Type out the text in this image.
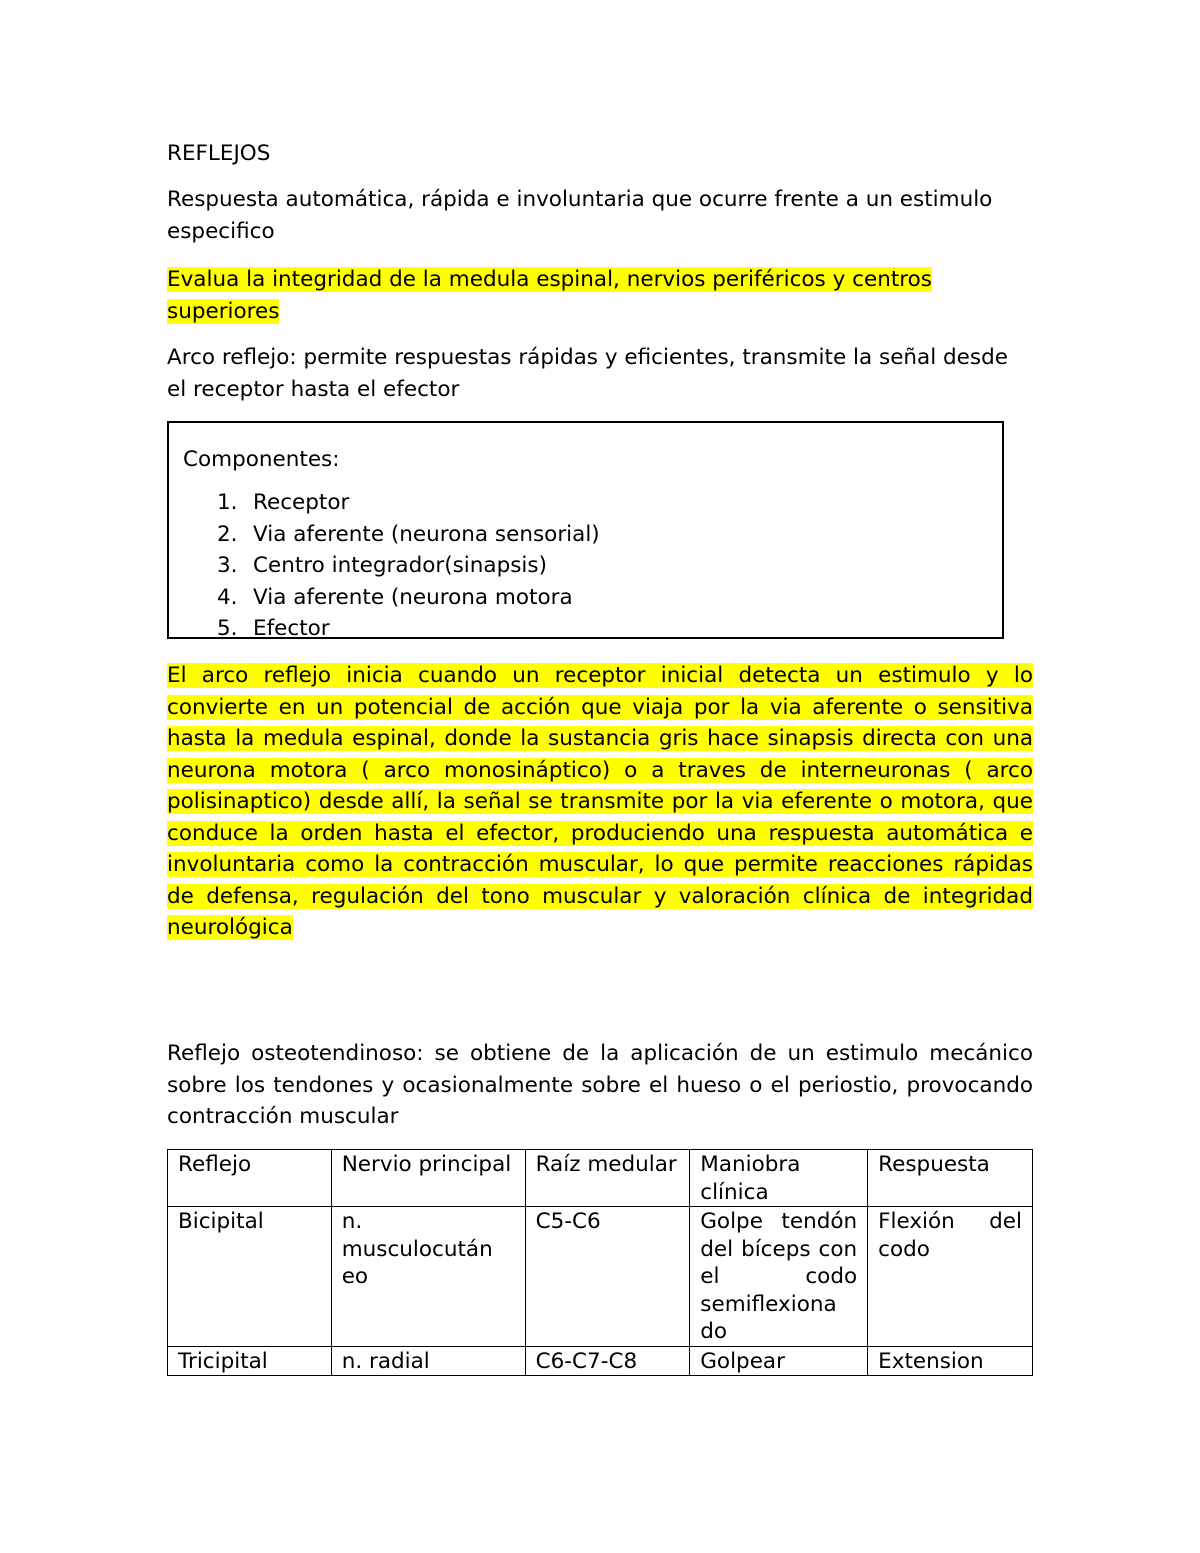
REFLEJOS

Respuesta automática, rápida e involuntaria que ocurre frente a un estimulo especifico

Evalua la integridad de la medula espinal, nervios periféricos y centros superiores

Arco reflejo: permite respuestas rápidas y eficientes, transmite la señal desde el receptor hasta el efector

Componentes:

1. Receptor
2. Via aferente (neurona sensorial)
3. Centro integrador(sinapsis)
4. Via aferente (neurona motora
5. Efector

El arco reflejo inicia cuando un receptor inicial detecta un estimulo y lo convierte en un potencial de acción que viaja por la via aferente o sensitiva hasta la medula espinal, donde la sustancia gris hace sinapsis directa con una neurona motora ( arco monosináptico) o a traves de interneuronas ( arco polisinaptico) desde allí, la señal se transmite por la via eferente o motora, que conduce la orden hasta el efector, produciendo una respuesta automática e involuntaria como la contracción muscular, lo que permite reacciones rápidas de defensa, regulación del tono muscular y valoración clínica de integridad neurológica

Reflejo osteotendinoso: se obtiene de la aplicación de un estimulo mecánico sobre los tendones y ocasionalmente sobre el hueso o el periostio, provocando contracción muscular

Reflejo	Nervio principal	Raíz medular	Maniobra clínica	Respuesta
Bicipital	n. musculocután eo	C5-C6	Golpe tendón del bíceps con el codo semiflexiona do	Flexión del codo
Tricipital	n. radial	C6-C7-C8	Golpear	Extension
